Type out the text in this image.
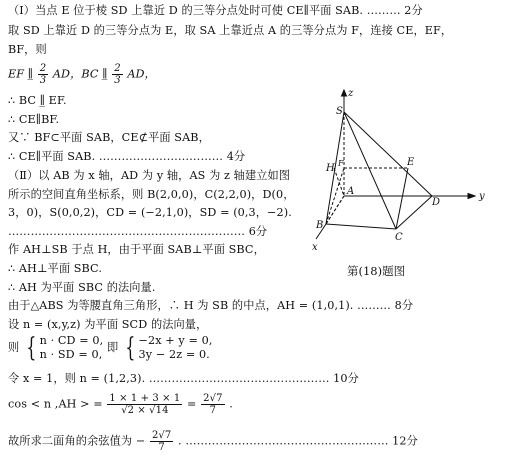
（Ⅰ）当点 E 位于棱 SD 上靠近 D 的三等分点处时可使 CE∥平面 SAB. ……… 2分
取 SD 上靠近 D 的三等分点为 E，取 SA 上靠近点 A 的三等分点为 F，连接 CE，EF，
BF，则
EF ∥̲ $\frac{2}{3}$ AD，BC ∥̲ $\frac{2}{3}$ AD，
∴ BC ∥̲ EF.
∴ CE∥BF.
又∵ BF⊂平面 SAB，CE⊄平面 SAB，
∴ CE∥平面 SAB. …………………………… 4分
（Ⅱ）以 AB 为 x 轴，AD 为 y 轴，AS 为 z 轴建立如图
所示的空间直角坐标系，则 B(2,0,0)，C(2,2,0)，D(0，
3，0)，S(0,0,2)，CD = (−2,1,0)，SD = (0,3，−2).
……………………………………………………… 6分
作 AH⊥SB 于点 H，由于平面 SAB⊥平面 SBC，
∴ AH⊥平面 SBC.
∴ AH 为平面 SBC 的法向量.
由于△ABS 为等腰直角三角形，∴ H 为 SB 的中点，AH = (1,0,1). ……… 8分
设 n = (x,y,z) 为平面 SCD 的法向量，
则 { n · CD = 0,
n · SD = 0,
即 { −2x + y = 0,
3y − 2z = 0.
令 x = 1，则 n = (1,2,3). ………………………………………… 10分
cos < n ,AH > = $\frac{1 \times 1 + 3 \times 1}{√2 \times √14} = \frac{2√7}{7}$ .
故所求二面角的余弦值为 − $\frac{2√7}{7}$ . ……………………………………………… 12分
S
z
H F	E
A
D
y
B
C
x
第(18)题图
